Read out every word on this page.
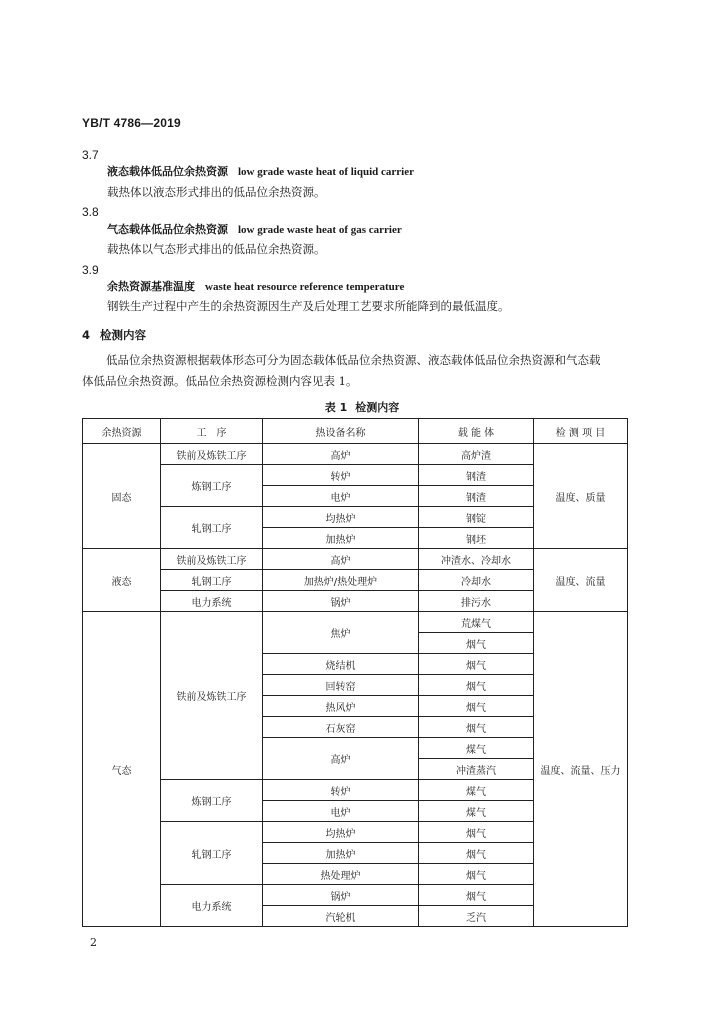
YB/T 4786—2019
3.7
液态载体低品位余热资源 low grade waste heat of liquid carrier
载热体以液态形式排出的低品位余热资源。
3.8
气态载体低品位余热资源 low grade waste heat of gas carrier
载热体以气态形式排出的低品位余热资源。
3.9
余热资源基准温度 waste heat resource reference temperature
钢铁生产过程中产生的余热资源因生产及后处理工艺要求所能降到的最低温度。
4 检测内容
低品位余热资源根据载体形态可分为固态载体低品位余热资源、液态载体低品位余热资源和气态载
体低品位余热资源。低品位余热资源检测内容见表 1。
表 1 检测内容
余热资源	工　序	热设备名称	载 能 体	检 测 项 目
固态	铁前及炼铁工序	高炉	高炉渣	温度、质量
	炼钢工序	转炉	钢渣	
		电炉	钢渣	
	轧钢工序	均热炉	钢锭	
		加热炉	钢坯	
液态	铁前及炼铁工序	高炉	冲渣水、冷却水	温度、流量
	轧钢工序	加热炉/热处理炉	冷却水	
	电力系统	锅炉	排污水	
气态	铁前及炼铁工序	焦炉	荒煤气	温度、流量、压力
			烟气	
		烧结机	烟气	
		回转窑	烟气	
		热风炉	烟气	
		石灰窑	烟气	
		高炉	煤气	
			冲渣蒸汽	
	炼钢工序	转炉	煤气	
		电炉	煤气	
	轧钢工序	均热炉	烟气	
		加热炉	烟气	
		热处理炉	烟气	
	电力系统	锅炉	烟气	
		汽轮机	乏汽	
2
